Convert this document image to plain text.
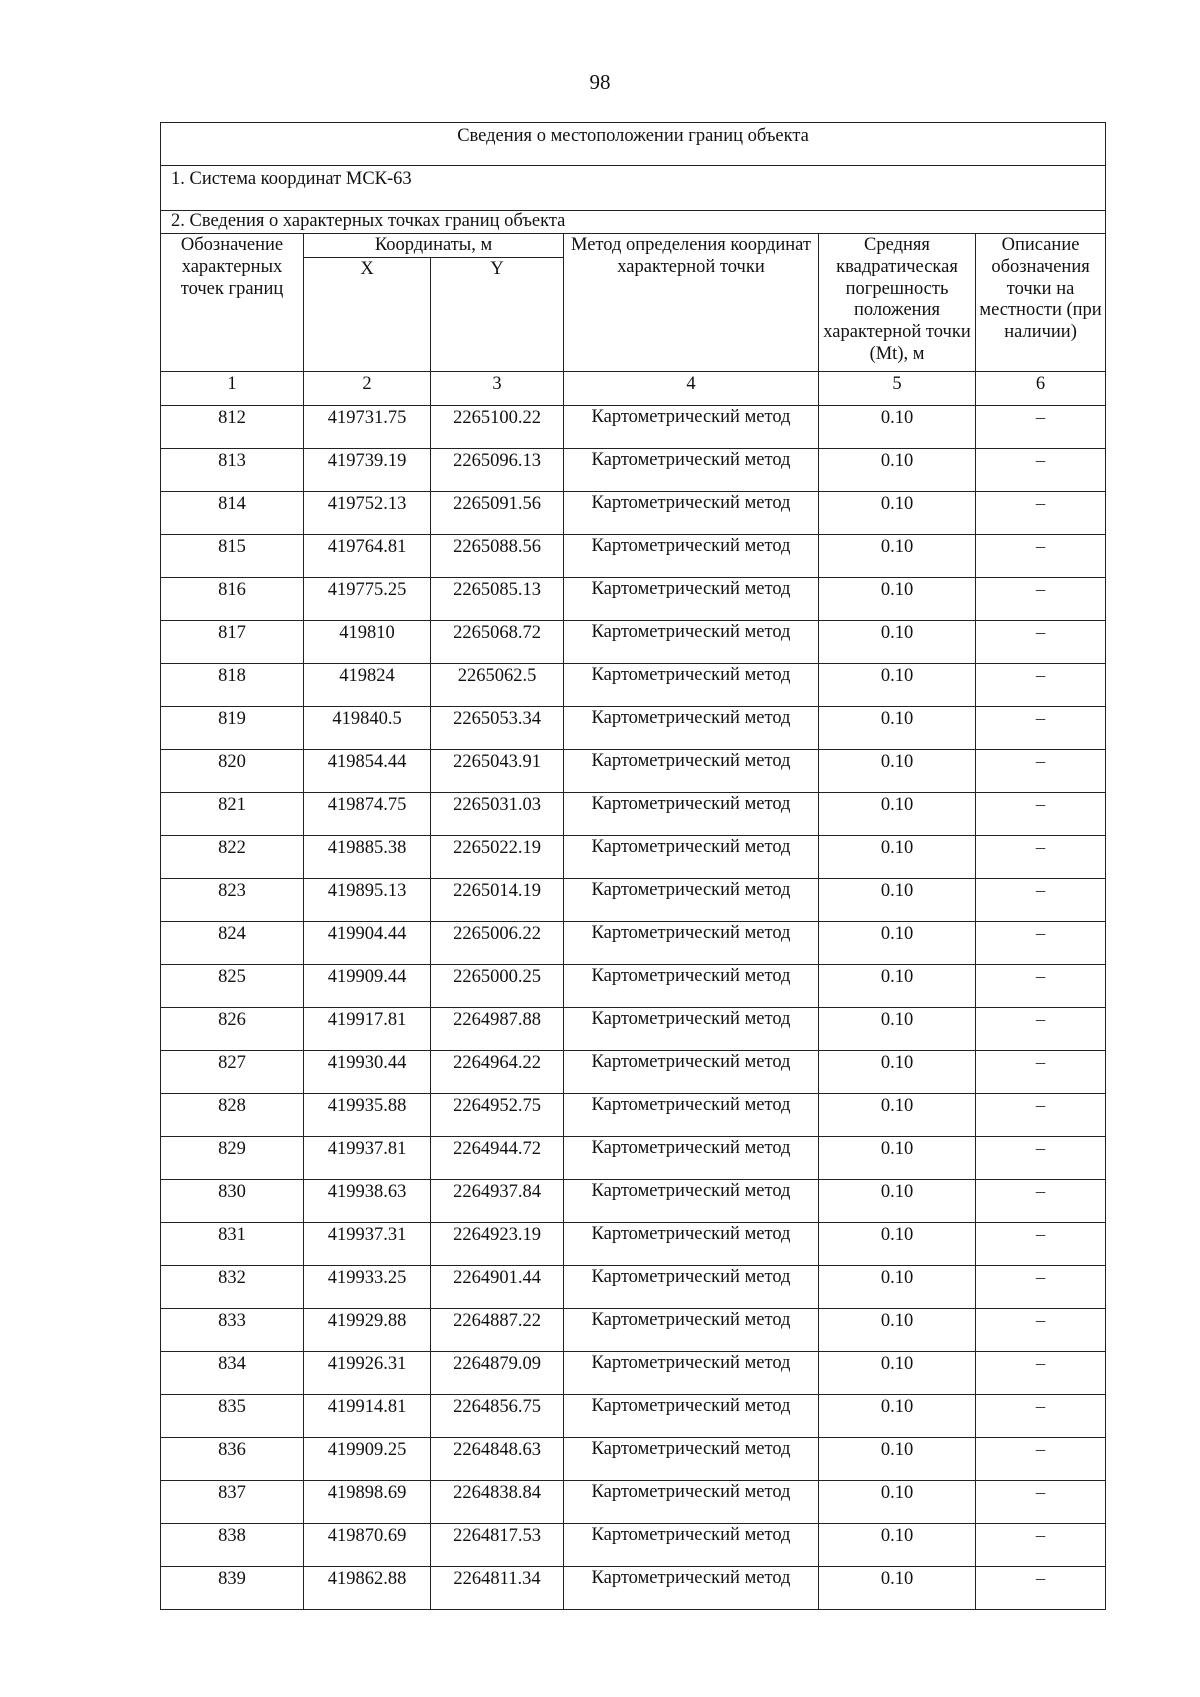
98
Сведения о местоположении границ объекта					
1. Система координат МСК-63					
2. Сведения о характерных точках границ объекта					
Обозначение характерных точек границ	Координаты, м		Метод определения координат характерной точки	Средняя квадратическая погрешность положения характерной точки (Mt), м	Описание обозначения точки на местности (при наличии)
	X	Y			
1	2	3	4	5	6
812	419731.75	2265100.22	Картометрический метод	0.10	–
813	419739.19	2265096.13	Картометрический метод	0.10	–
814	419752.13	2265091.56	Картометрический метод	0.10	–
815	419764.81	2265088.56	Картометрический метод	0.10	–
816	419775.25	2265085.13	Картометрический метод	0.10	–
817	419810	2265068.72	Картометрический метод	0.10	–
818	419824	2265062.5	Картометрический метод	0.10	–
819	419840.5	2265053.34	Картометрический метод	0.10	–
820	419854.44	2265043.91	Картометрический метод	0.10	–
821	419874.75	2265031.03	Картометрический метод	0.10	–
822	419885.38	2265022.19	Картометрический метод	0.10	–
823	419895.13	2265014.19	Картометрический метод	0.10	–
824	419904.44	2265006.22	Картометрический метод	0.10	–
825	419909.44	2265000.25	Картометрический метод	0.10	–
826	419917.81	2264987.88	Картометрический метод	0.10	–
827	419930.44	2264964.22	Картометрический метод	0.10	–
828	419935.88	2264952.75	Картометрический метод	0.10	–
829	419937.81	2264944.72	Картометрический метод	0.10	–
830	419938.63	2264937.84	Картометрический метод	0.10	–
831	419937.31	2264923.19	Картометрический метод	0.10	–
832	419933.25	2264901.44	Картометрический метод	0.10	–
833	419929.88	2264887.22	Картометрический метод	0.10	–
834	419926.31	2264879.09	Картометрический метод	0.10	–
835	419914.81	2264856.75	Картометрический метод	0.10	–
836	419909.25	2264848.63	Картометрический метод	0.10	–
837	419898.69	2264838.84	Картометрический метод	0.10	–
838	419870.69	2264817.53	Картометрический метод	0.10	–
839	419862.88	2264811.34	Картометрический метод	0.10	–
